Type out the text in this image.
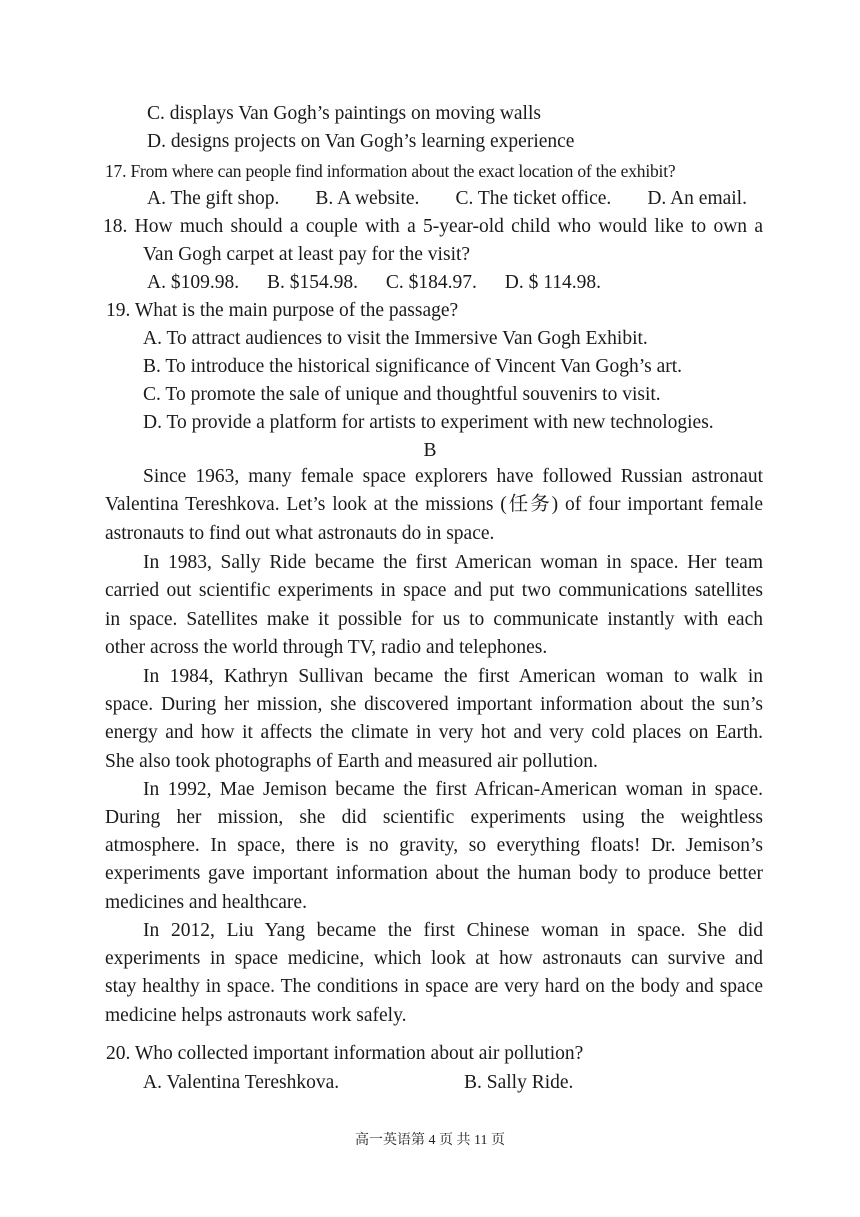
C. displays Van Gogh’s paintings on moving walls
D. designs projects on Van Gogh’s learning experience
17. From where can people find information about the exact location of the exhibit?
A. The gift shop. B. A website. C. The ticket office. D. An email.
18. How much should a couple with a 5-year-old child who would like to own a
Van Gogh carpet at least pay for the visit?
A. $109.98. B. $154.98. C. $184.97. D. $ 114.98.
19. What is the main purpose of the passage?
A. To attract audiences to visit the Immersive Van Gogh Exhibit.
B. To introduce the historical significance of Vincent Van Gogh’s art.
C. To promote the sale of unique and thoughtful souvenirs to visit.
D. To provide a platform for artists to experiment with new technologies.
B
Since 1963, many female space explorers have followed Russian astronaut
Valentina Tereshkova. Let’s look at the missions (任务) of four important female
astronauts to find out what astronauts do in space.
In 1983, Sally Ride became the first American woman in space. Her team
carried out scientific experiments in space and put two communications satellites
in space. Satellites make it possible for us to communicate instantly with each
other across the world through TV, radio and telephones.
In 1984, Kathryn Sullivan became the first American woman to walk in
space. During her mission, she discovered important information about the sun’s
energy and how it affects the climate in very hot and very cold places on Earth.
She also took photographs of Earth and measured air pollution.
In 1992, Mae Jemison became the first African-American woman in space.
During her mission, she did scientific experiments using the weightless
atmosphere. In space, there is no gravity, so everything floats! Dr. Jemison’s
experiments gave important information about the human body to produce better
medicines and healthcare.
In 2012, Liu Yang became the first Chinese woman in space. She did
experiments in space medicine, which look at how astronauts can survive and
stay healthy in space. The conditions in space are very hard on the body and space
medicine helps astronauts work safely.
20. Who collected important information about air pollution?
A. Valentina Tereshkova.	B. Sally Ride.
高一英语第 4 页 共 11 页
